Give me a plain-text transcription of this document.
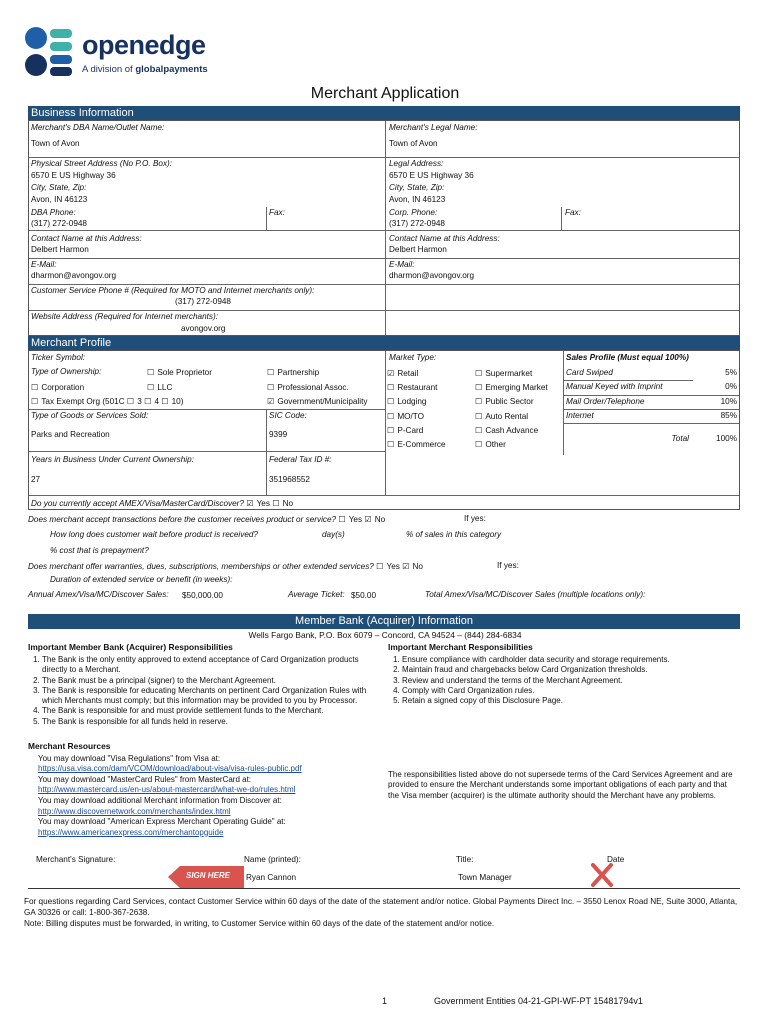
openedge
A division of globalpayments
Merchant Application
Business Information
Merchant's DBA Name/Outlet Name:
Town of Avon
Merchant's Legal Name:
Town of Avon
Physical Street Address (No P.O. Box):
6570 E US Highway 36
City, State, Zip:
Avon, IN 46123
DBA Phone:
(317) 272-0948
Fax:
Legal Address:
6570 E US Highway 36
City, State, Zip:
Avon, IN 46123
Corp. Phone:
(317) 272-0948
Fax:
Contact Name at this Address:
Delbert Harmon
Contact Name at this Address:
Delbert Harmon
E-Mail:
dharmon@avongov.org
E-Mail:
dharmon@avongov.org
Customer Service Phone # (Required for MOTO and Internet merchants only):
(317) 272-0948
Website Address (Required for Internet merchants):
avongov.org
Merchant Profile
Ticker Symbol:
Type of Ownership:	☐ Sole Proprietor	☐ Partnership
☐ Corporation	☐ LLC	☐ Professional Assoc.
☐ Tax Exempt Org (501C ☐ 3 ☐ 4 ☐ 10)	☑ Government/Municipality
Type of Goods or Services Sold:
Parks and Recreation
SIC Code:
9399
Years in Business Under Current Ownership:
27
Federal Tax ID #:
351968552
Market Type:
☑ Retail	☐ Supermarket
☐ Restaurant	☐ Emerging Market
☐ Lodging	☐ Public Sector
☐ MO/TO	☐ Auto Rental
☐ P-Card	☐ Cash Advance
☐ E-Commerce	☐ Other
Sales Profile (Must equal 100%)
Card Swiped	5%
Manual Keyed with Imprint	0%
Mail Order/Telephone	10%
Internet	85%
Total	100%
Do you currently accept AMEX/Visa/MasterCard/Discover? ☑ Yes ☐ No
Does merchant accept transactions before the customer receives product or service? ☐ Yes ☑ No	If yes:
How long does customer wait before product is received?	day(s)	% of sales in this category
% cost that is prepayment?
Does merchant offer warranties, dues, subscriptions, memberships or other extended services? ☐ Yes ☑ No	If yes:
Duration of extended service or benefit (in weeks):
Annual Amex/Visa/MC/Discover Sales: $50,000.00	Average Ticket: $50.00	Total Amex/Visa/MC/Discover Sales (multiple locations only):
Member Bank (Acquirer) Information
Wells Fargo Bank, P.O. Box 6079 – Concord, CA 94524 – (844) 284-6834
Important Member Bank (Acquirer) Responsibilities
1. The Bank is the only entity approved to extend acceptance of Card Organization products directly to a Merchant.
2. The Bank must be a principal (signer) to the Merchant Agreement.
3. The Bank is responsible for educating Merchants on pertinent Card Organization Rules with which Merchants must comply; but this information may be provided to you by Processor.
4. The Bank is responsible for and must provide settlement funds to the Merchant.
5. The Bank is responsible for all funds held in reserve.
Important Merchant Responsibilities
1. Ensure compliance with cardholder data security and storage requirements.
2. Maintain fraud and chargebacks below Card Organization thresholds.
3. Review and understand the terms of the Merchant Agreement.
4. Comply with Card Organization rules.
5. Retain a signed copy of this Disclosure Page.
Merchant Resources
You may download "Visa Regulations" from Visa at:
https://usa.visa.com/dam/VCOM/download/about-visa/visa-rules-public.pdf
You may download "MasterCard Rules" from MasterCard at:
http://www.mastercard.us/en-us/about-mastercard/what-we-do/rules.html
You may download additional Merchant information from Discover at:
http://www.discovernetwork.com/merchants/index.html
You may download "American Express Merchant Operating Guide" at:
https://www.americanexpress.com/merchantopguide
The responsibilities listed above do not supersede terms of the Card Services Agreement and are provided to ensure the Merchant understands some important obligations of each party and that the Visa member (acquirer) is the ultimate authority should the Merchant have any problems.
Merchant's Signature:	Name (printed):	Title:	Date
SIGN HERE Ryan Cannon	Town Manager
For questions regarding Card Services, contact Customer Service within 60 days of the date of the statement and/or notice. Global Payments Direct Inc. – 3550 Lenox Road NE, Suite 3000, Atlanta, GA 30326 or call: 1-800-367-2638.
Note: Billing disputes must be forwarded, in writing, to Customer Service within 60 days of the date of the statement and/or notice.
1	Government Entities 04-21-GPI-WF-PT 15481794v1
